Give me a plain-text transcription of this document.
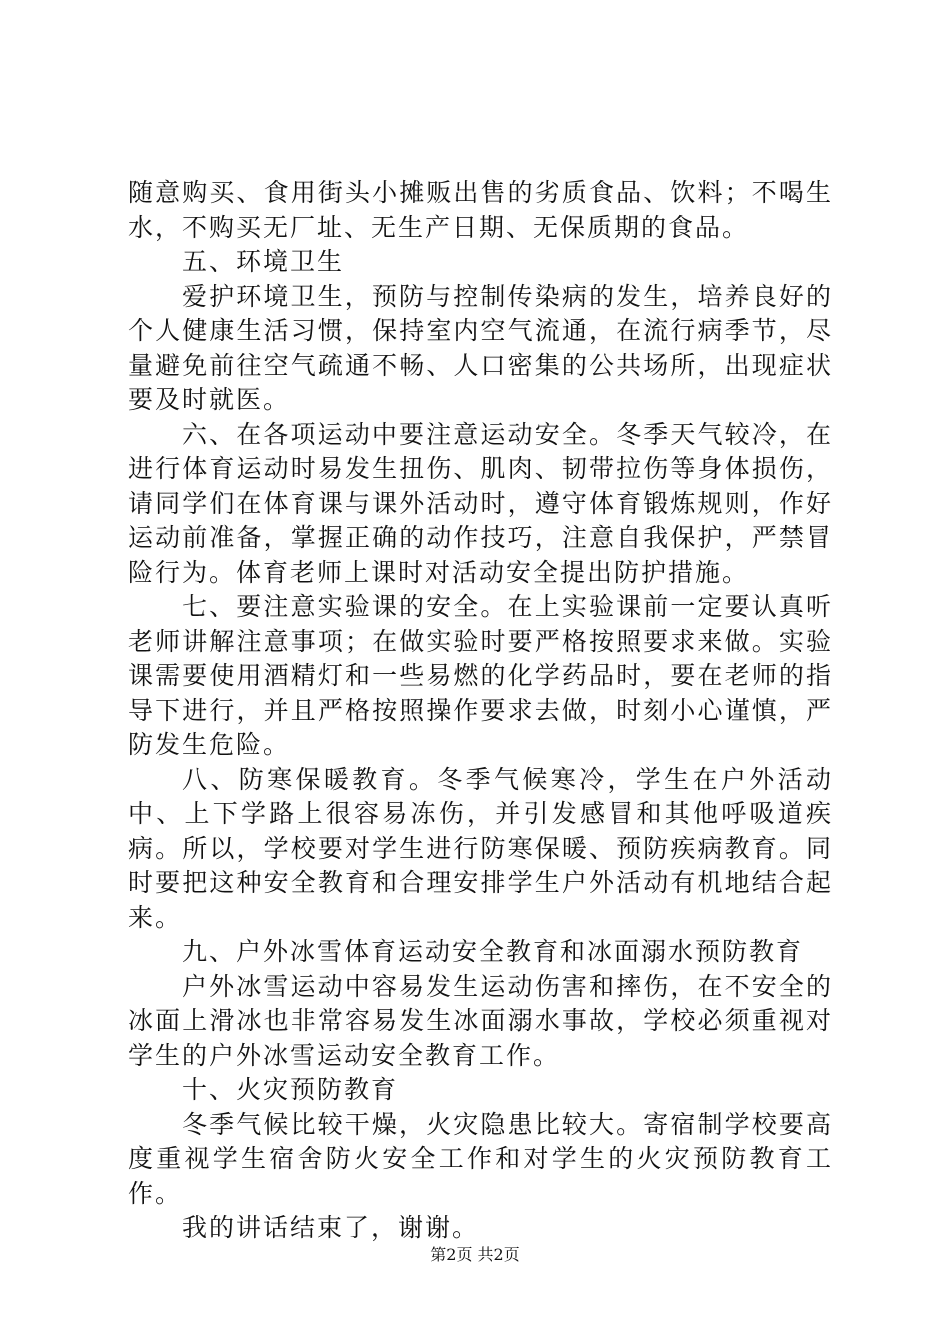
随意购买、食用街头小摊贩出售的劣质食品、饮料；不喝生水，不购买无厂址、无生产日期、无保质期的食品。

五、环境卫生

爱护环境卫生，预防与控制传染病的发生，培养良好的个人健康生活习惯，保持室内空气流通，在流行病季节，尽量避免前往空气疏通不畅、人口密集的公共场所，出现症状要及时就医。

六、在各项运动中要注意运动安全。冬季天气较冷，在进行体育运动时易发生扭伤、肌肉、韧带拉伤等身体损伤，请同学们在体育课与课外活动时，遵守体育锻炼规则，作好运动前准备，掌握正确的动作技巧，注意自我保护，严禁冒险行为。体育老师上课时对活动安全提出防护措施。

七、要注意实验课的安全。在上实验课前一定要认真听老师讲解注意事项；在做实验时要严格按照要求来做。实验课需要使用酒精灯和一些易燃的化学药品时，要在老师的指导下进行，并且严格按照操作要求去做，时刻小心谨慎，严防发生危险。

八、防寒保暖教育。冬季气候寒冷，学生在户外活动中、上下学路上很容易冻伤，并引发感冒和其他呼吸道疾病。所以，学校要对学生进行防寒保暖、预防疾病教育。同时要把这种安全教育和合理安排学生户外活动有机地结合起来。

九、户外冰雪体育运动安全教育和冰面溺水预防教育

户外冰雪运动中容易发生运动伤害和摔伤，在不安全的冰面上滑冰也非常容易发生冰面溺水事故，学校必须重视对学生的户外冰雪运动安全教育工作。

十、火灾预防教育

冬季气候比较干燥，火灾隐患比较大。寄宿制学校要高度重视学生宿舍防火安全工作和对学生的火灾预防教育工作。

我的讲话结束了，谢谢。

第2页 共2页
